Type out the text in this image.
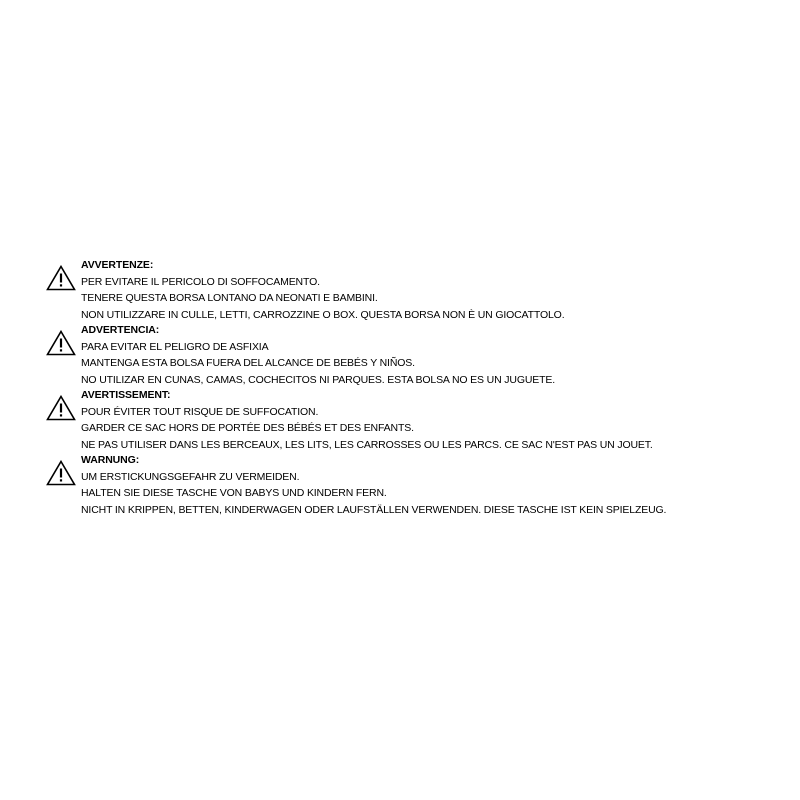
AVVERTENZE:
PER EVITARE IL PERICOLO DI SOFFOCAMENTO.
TENERE QUESTA BORSA LONTANO DA NEONATI E BAMBINI.
NON UTILIZZARE IN CULLE, LETTI, CARROZZINE O BOX. QUESTA BORSA NON È UN GIOCATTOLO.
ADVERTENCIA:
PARA EVITAR EL PELIGRO DE ASFIXIA
MANTENGA ESTA BOLSA FUERA DEL ALCANCE DE BEBÉS Y NIÑOS.
NO UTILIZAR EN CUNAS, CAMAS, COCHECITOS NI PARQUES. ESTA BOLSA NO ES UN JUGUETE.
AVERTISSEMENT:
POUR ÉVITER TOUT RISQUE DE SUFFOCATION.
GARDER CE SAC HORS DE PORTÉE DES BÉBÉS ET DES ENFANTS.
NE PAS UTILISER DANS LES BERCEAUX, LES LITS, LES CARROSSES OU LES PARCS. CE SAC N'EST PAS UN JOUET.
WARNUNG:
UM ERSTICKUNGSGEFAHR ZU VERMEIDEN.
HALTEN SIE DIESE TASCHE VON BABYS UND KINDERN FERN.
NICHT IN KRIPPEN, BETTEN, KINDERWAGEN ODER LAUFSTÄLLEN VERWENDEN. DIESE TASCHE IST KEIN SPIELZEUG.
